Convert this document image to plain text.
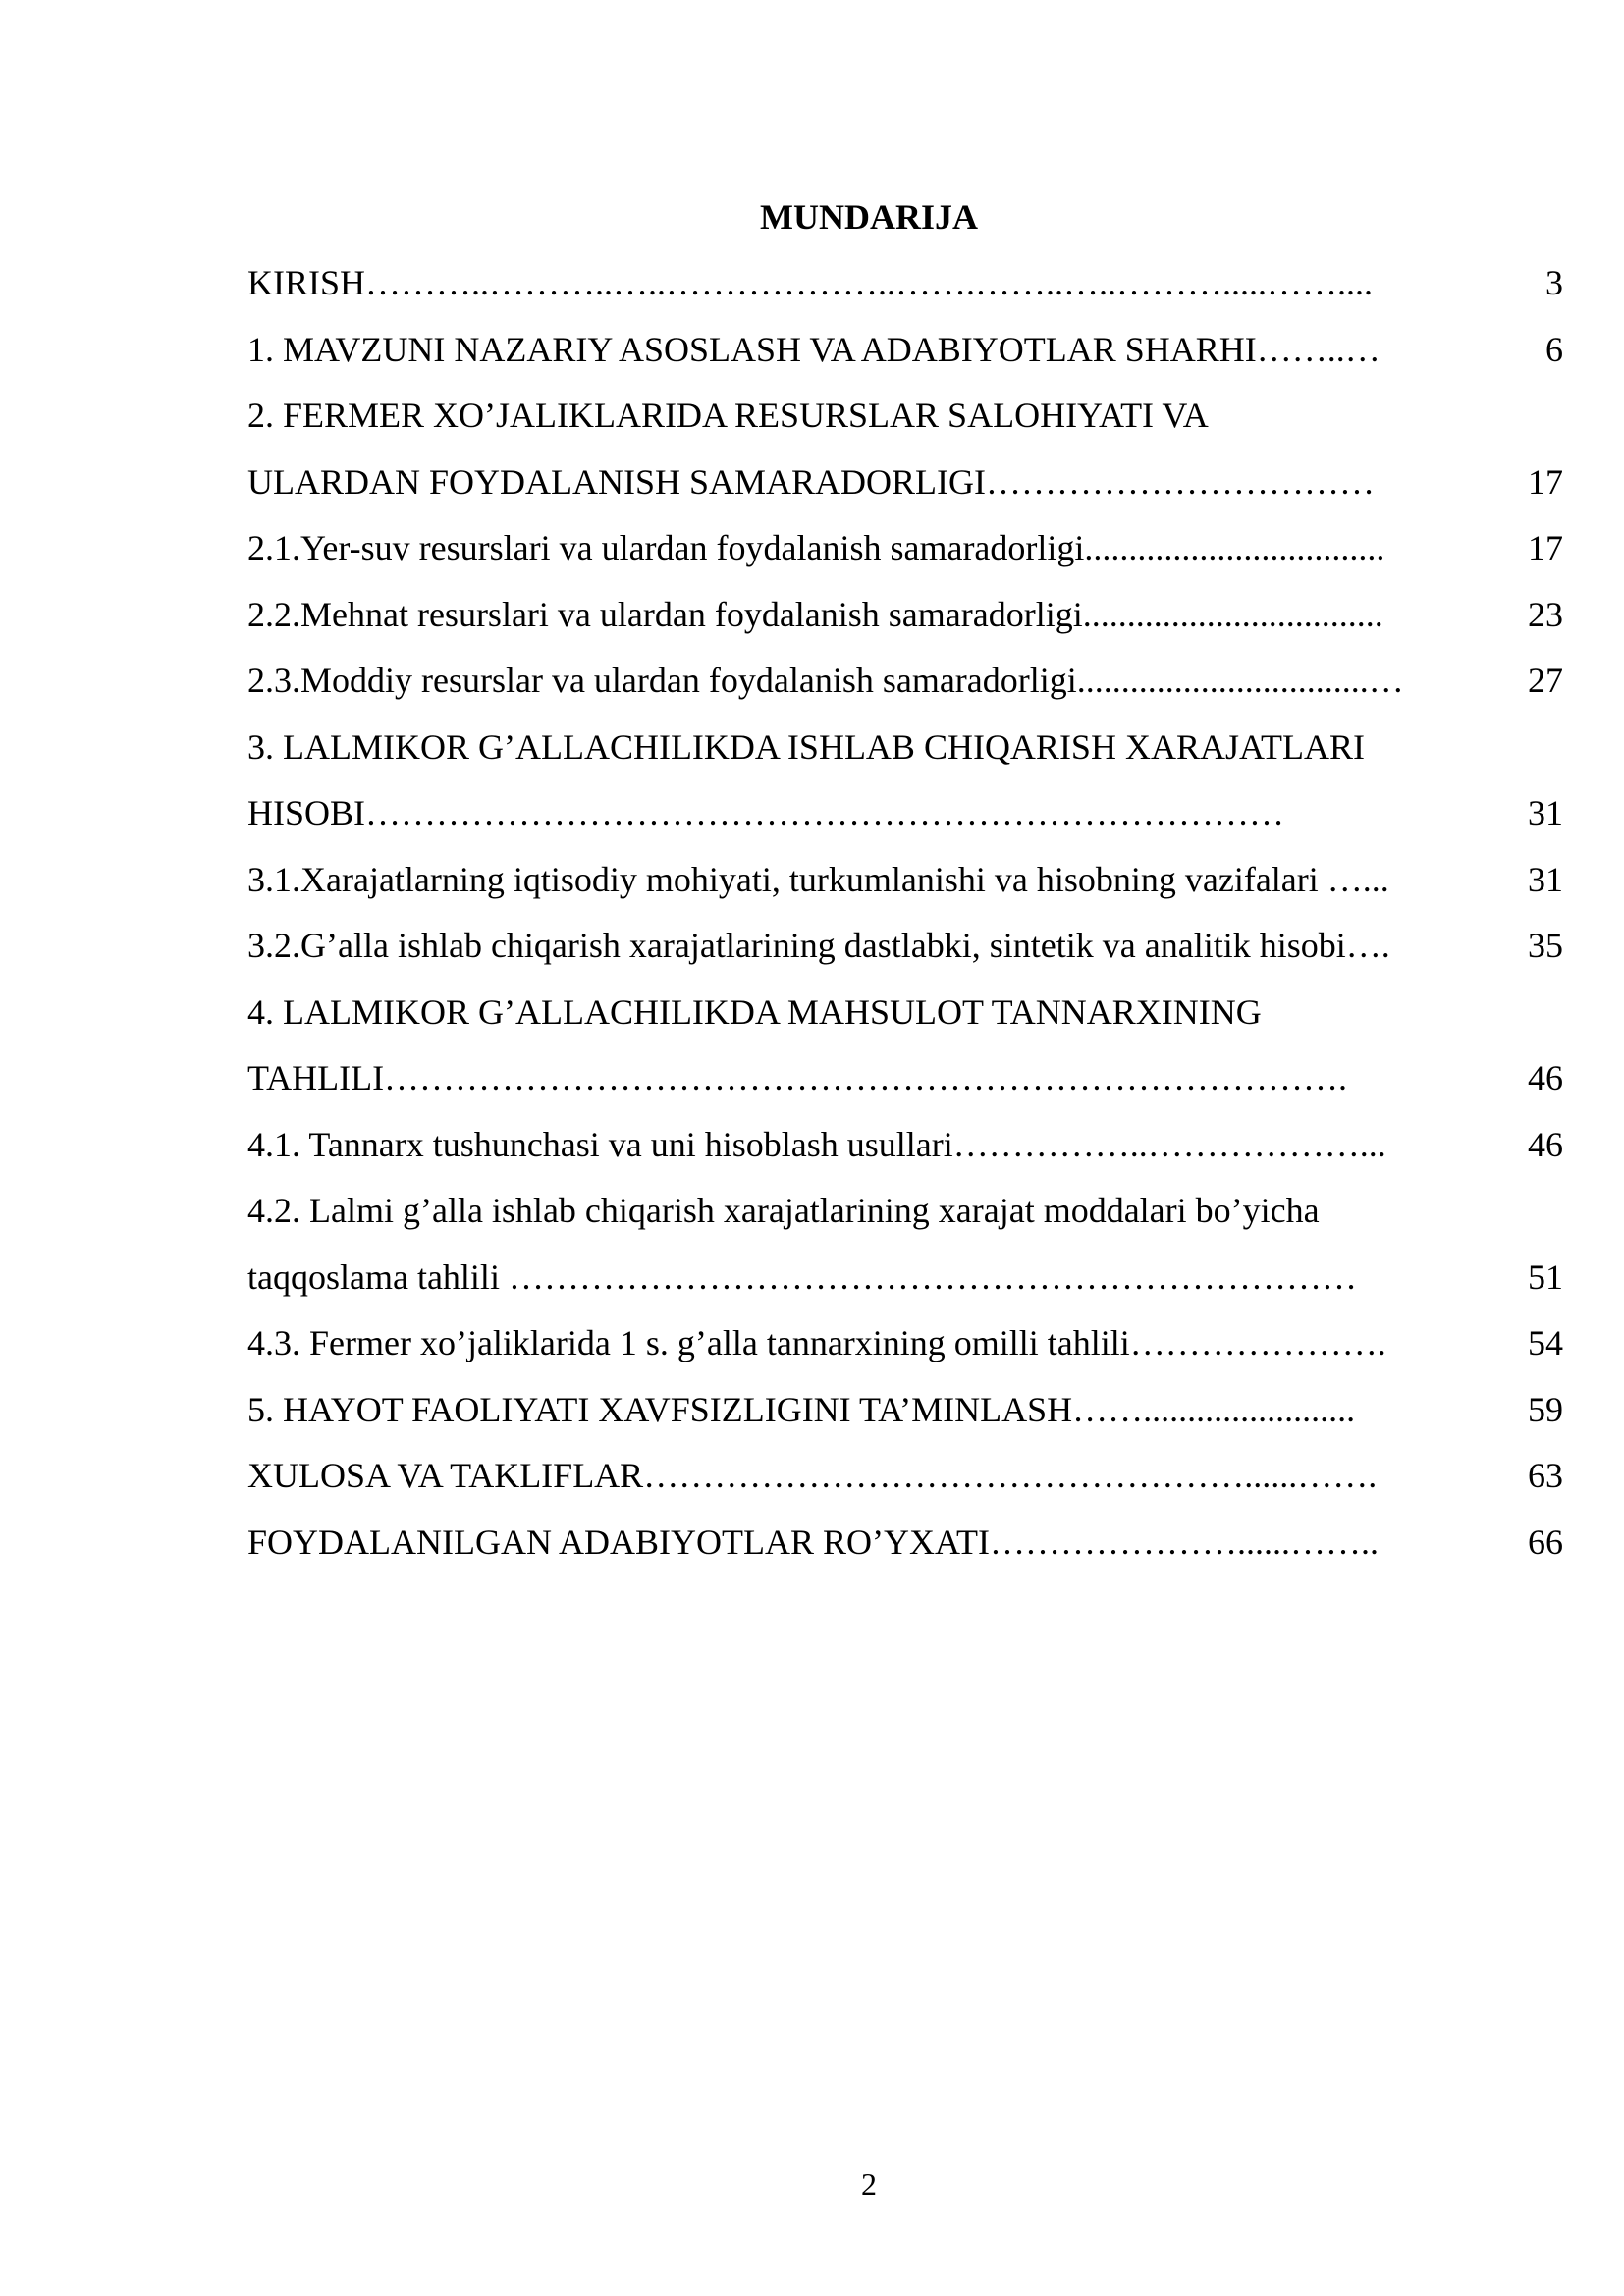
MUNDARIJA
KIRISH………..………..…..………………..…….……..…..……….....……....	3
1. MAVZUNI NAZARIY ASOSLASH VA ADABIYOTLAR SHARHI……..…	6
2. FERMER XO’JALIKLARIDA RESURSLAR SALOHIYATI VA
ULARDAN FOYDALANISH SAMARADORLIGI……………………………	17
2.1.Yer-suv resurslari va ulardan foydalanish samaradorligi..................................	17
2.2.Mehnat resurslari va ulardan foydalanish samaradorligi..................................	23
2.3.Moddiy resurslar va ulardan foydalanish samaradorligi.................................…	27
3. LALMIKOR G’ALLACHILIKDA ISHLAB CHIQARISH XARAJATLARI
HISOBI……………………………………………………………………	31
3.1.Xarajatlarning iqtisodiy mohiyati, turkumlanishi va hisobning vazifalari …...	31
3.2.G’alla ishlab chiqarish xarajatlarining dastlabki, sintetik va analitik hisobi….	35
4. LALMIKOR G’ALLACHILIKDA MAHSULOT TANNARXINING
TAHLILI……………………………………………………………………….	46
4.1. Tannarx tushunchasi va uni hisoblash usullari……………..………………...	46
4.2. Lalmi g’alla ishlab chiqarish xarajatlarining xarajat moddalari bo’yicha
taqqoslama tahlili ………………………………………………………………	51
4.3. Fermer xo’jaliklarida 1 s. g’alla tannarxining omilli tahlili………………….	54
5. HAYOT FAOLIYATI XAVFSIZLIGINI TA’MINLASH……........................	59
XULOSA VA TAKLIFLAR……………………………………………......…….	63
FOYDALANILGAN ADABIYOTLAR RO’YXATI…………………......……..	66
2
